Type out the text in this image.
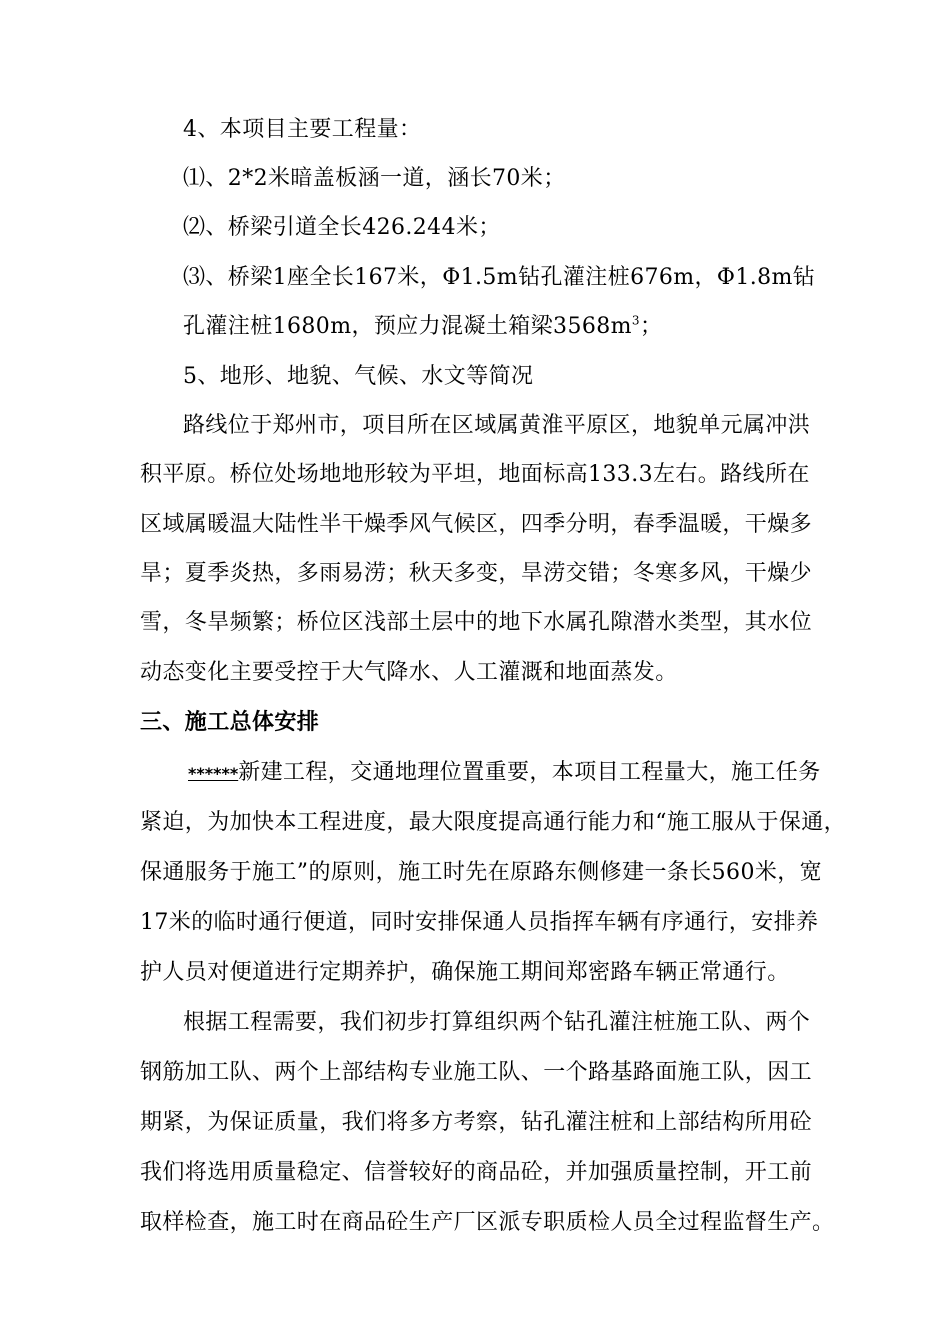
4、本项目主要工程量：
⑴、2*2米暗盖板涵一道，涵长70米；
⑵、桥梁引道全长426.244米；
⑶、桥梁1座全长167米，Φ1.5m钻孔灌注桩676m，Φ1.8m钻
孔灌注桩1680m，预应力混凝土箱梁$3568m^3$；
5、地形、地貌、气候、水文等简况
路线位于郑州市，项目所在区域属黄淮平原区，地貌单元属冲洪
积平原。桥位处场地地形较为平坦，地面标高133.3左右。路线所在
区域属暖温大陆性半干燥季风气候区，四季分明，春季温暖，干燥多
旱；夏季炎热，多雨易涝；秋天多变，旱涝交错；冬寒多风，干燥少
雪，冬旱频繁；桥位区浅部土层中的地下水属孔隙潜水类型，其水位
动态变化主要受控于大气降水、人工灌溉和地面蒸发。
三、施工总体安排
******新建工程，交通地理位置重要，本项目工程量大，施工任务
紧迫，为加快本工程进度，最大限度提高通行能力和“施工服从于保通，
保通服务于施工”的原则，施工时先在原路东侧修建一条长560米，宽
17米的临时通行便道，同时安排保通人员指挥车辆有序通行，安排养
护人员对便道进行定期养护，确保施工期间郑密路车辆正常通行。
根据工程需要，我们初步打算组织两个钻孔灌注桩施工队、两个
钢筋加工队、两个上部结构专业施工队、一个路基路面施工队，因工
期紧，为保证质量，我们将多方考察，钻孔灌注桩和上部结构所用砼
我们将选用质量稳定、信誉较好的商品砼，并加强质量控制，开工前
取样检查，施工时在商品砼生产厂区派专职质检人员全过程监督生产。
